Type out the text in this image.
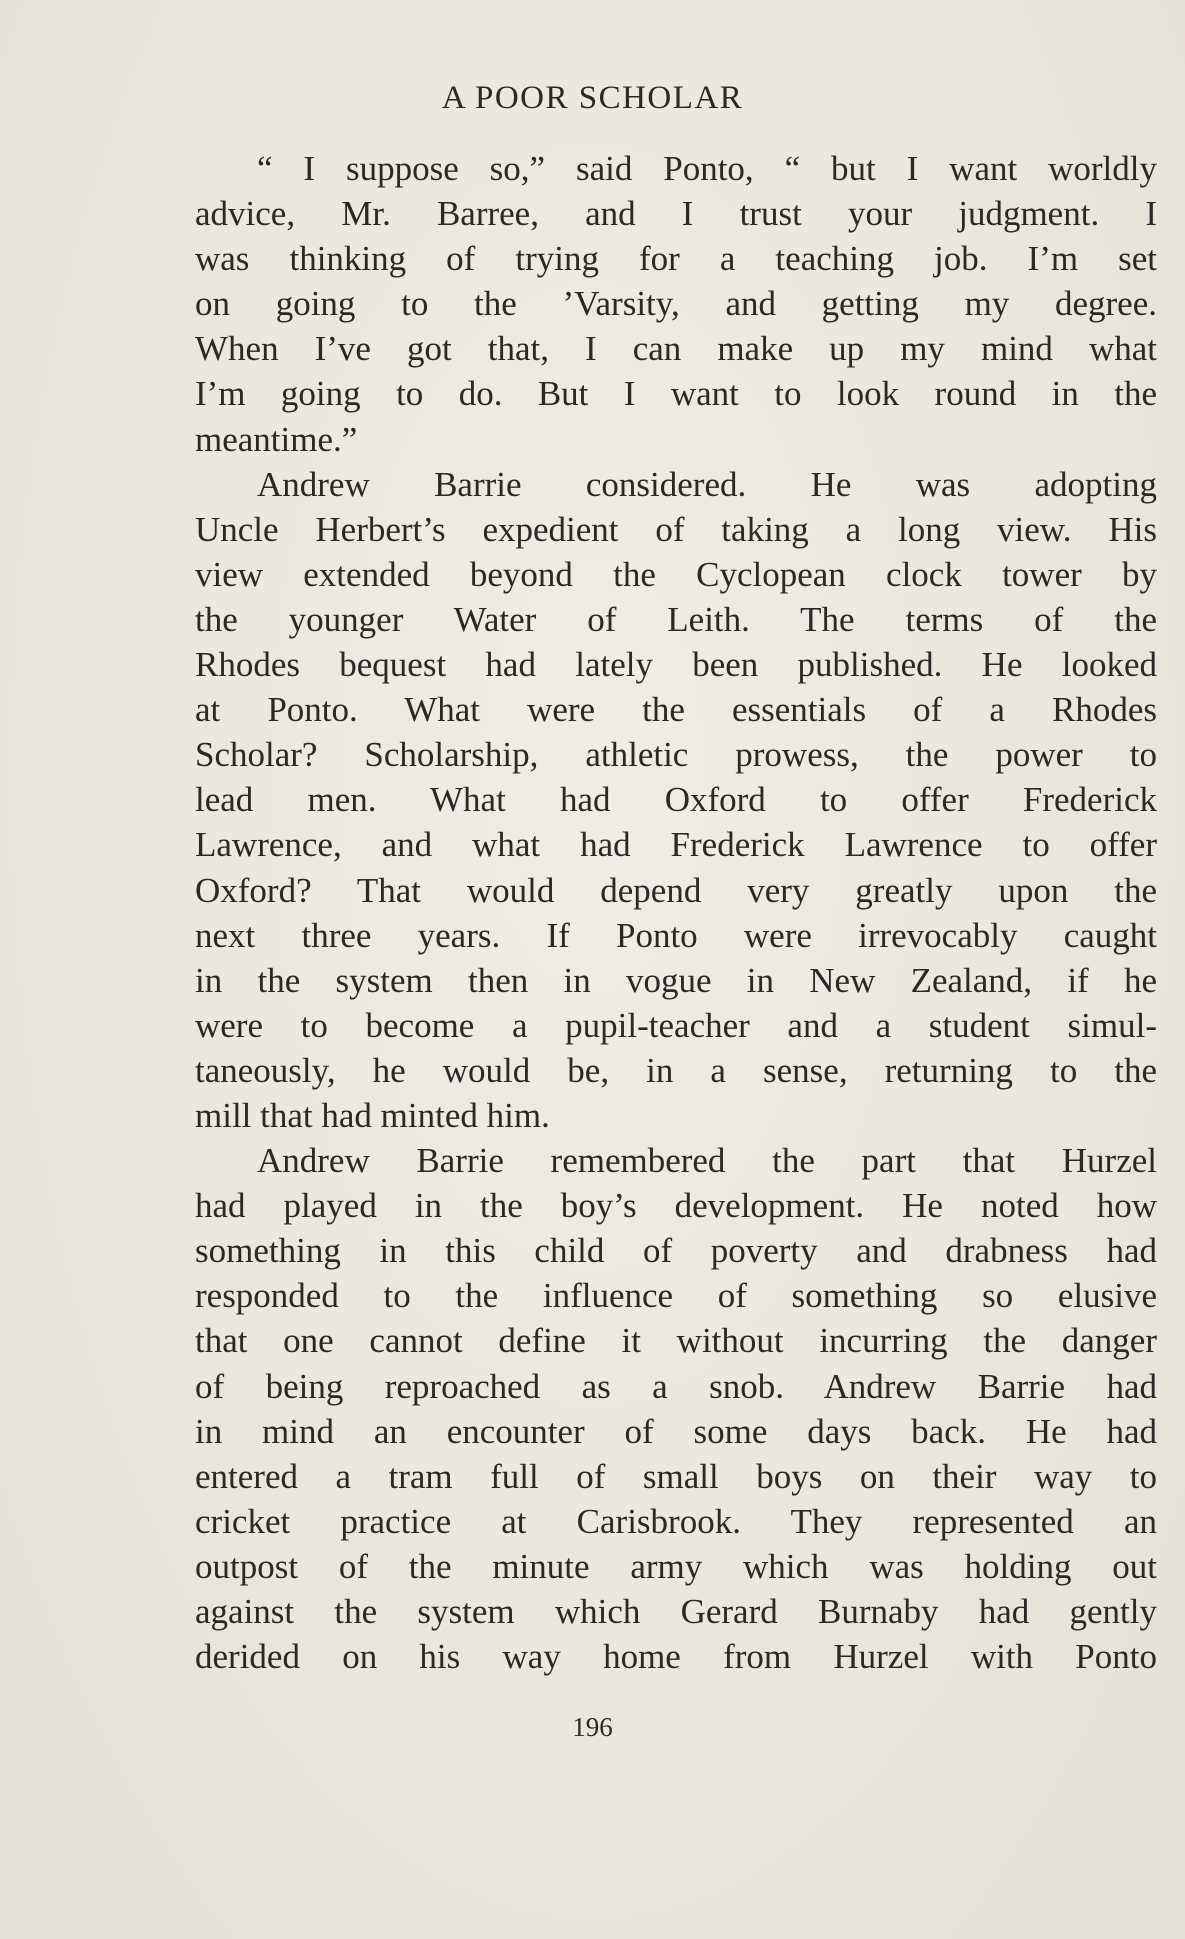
A POOR SCHOLAR
“ I suppose so,” said Ponto, “ but I want worldly
advice, Mr. Barree, and I trust your judgment. I
was thinking of trying for a teaching job. I’m set
on going to the ’Varsity, and getting my degree.
When I’ve got that, I can make up my mind what
I’m going to do. But I want to look round in the
meantime.”
Andrew Barrie considered. He was adopting
Uncle Herbert’s expedient of taking a long view. His
view extended beyond the Cyclopean clock tower by
the younger Water of Leith. The terms of the
Rhodes bequest had lately been published. He looked
at Ponto. What were the essentials of a Rhodes
Scholar? Scholarship, athletic prowess, the power to
lead men. What had Oxford to offer Frederick
Lawrence, and what had Frederick Lawrence to offer
Oxford? That would depend very greatly upon the
next three years. If Ponto were irrevocably caught
in the system then in vogue in New Zealand, if he
were to become a pupil-teacher and a student simul-
taneously, he would be, in a sense, returning to the
mill that had minted him.
Andrew Barrie remembered the part that Hurzel
had played in the boy’s development. He noted how
something in this child of poverty and drabness had
responded to the influence of something so elusive
that one cannot define it without incurring the danger
of being reproached as a snob. Andrew Barrie had
in mind an encounter of some days back. He had
entered a tram full of small boys on their way to
cricket practice at Carisbrook. They represented an
outpost of the minute army which was holding out
against the system which Gerard Burnaby had gently
derided on his way home from Hurzel with Ponto
196
